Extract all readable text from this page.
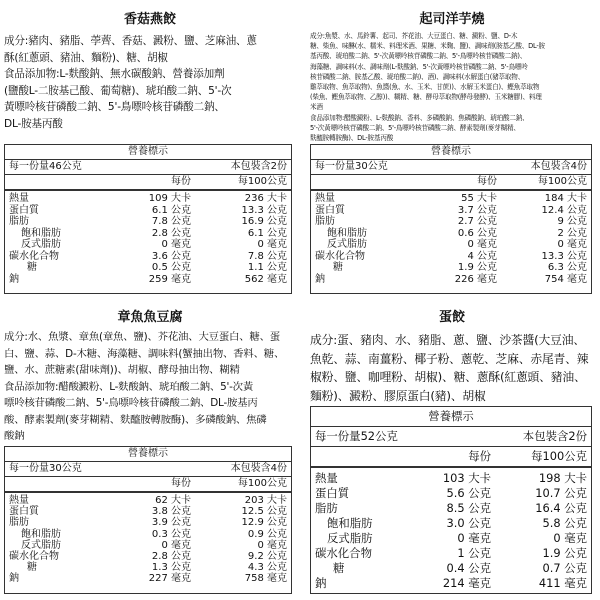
香菇燕餃

成分:豬肉、豬脂、荸薺、香菇、澱粉、鹽、芝麻油、蔥

酥(紅蔥頭、豬油、麵粉)、糖、胡椒

食品添加物:L-麩酸鈉、無水碳酸鈉、營養添加劑

(鹽酸L-二胺基己酸、葡萄糖)、琥珀酸二鈉、5'-次

黃嘌呤核苷磷酸二鈉、5'-鳥嘌呤核苷磷酸二鈉、

DL-胺基丙酸

營養標示
每一份量46公克	本包裝含2份
每份	每100公克
熱量	109 大卡	236 大卡
蛋白質	6.1 公克	13.3 公克
脂肪	7.8 公克	16.9 公克
飽和脂肪	2.8 公克	6.1 公克
反式脂肪	0 毫克	0 毫克
碳水化合物	3.6 公克	7.8 公克
糖	0.5 公克	1.1 公克
鈉	259 毫克	562 毫克
起司洋芋燒

成分:魚漿、水、馬鈴薯、起司、芥花油、大豆蛋白、糖、澱粉、鹽、D-木

糖、柴魚、味醂(水、糯米、料理米酒、果糖、米麴、鹽)、調味劑(胺基乙酸、DL-胺

基丙酸、琥珀酸二鈉、5'-次黃嘌呤核苷磷酸二鈉、5'-鳥嘌呤核苷磷酸二鈉)、

海藻糖、調味料(水、調味劑(L-麩酸鈉、5'-次黃嘌呤核苷磷酸二鈉、5'-鳥嘌呤

核苷磷酸二鈉、胺基乙酸、琥珀酸二鈉)、酒)、調味料(水解蛋白(豬萃取物、

雞萃取物、魚萃取物)、魚醬(魚、水、玉米、甘蔗))、水解玉米蛋白)、鰹魚萃取物

(柴魚、鰹魚萃取物、乙醇))、糊精、糖、酵母萃取物(酵母發酵)、玉米糖膠)、料理

米酒

食品添加物:醋酸澱粉、L-麩酸鈉、香料、多磷酸鈉、焦磷酸鈉、琥珀酸二鈉、

5'-次黃嘌呤核苷磷酸二鈉、5'-鳥嘌呤核苷磷酸二鈉、酵素製劑(麥芽糊精、

麩醯胺轉胺酶)、DL-胺基丙酸

營養標示
每一份量30公克	本包裝含4份
每份	每100公克
熱量	55 大卡	184 大卡
蛋白質	3.7 公克	12.4 公克
脂肪	2.7 公克	9 公克
飽和脂肪	0.6 公克	2 公克
反式脂肪	0 毫克	0 毫克
碳水化合物	4 公克	13.3 公克
糖	1.9 公克	6.3 公克
鈉	226 毫克	754 毫克
章魚魚豆腐

成分:水、魚漿、章魚(章魚、鹽)、芥花油、大豆蛋白、糖、蛋

白、鹽、蒜、D-木糖、海藻糖、調味料(蟹抽出物、香料、糖、

鹽、水、蔗糖素(甜味劑))、胡椒、酵母抽出物、糊精

食品添加物:醋酸澱粉、L-麩酸鈉、琥珀酸二鈉、5'-次黃

嘌呤核苷磷酸二鈉、5'-鳥嘌呤核苷磷酸二鈉、DL-胺基丙

酸、酵素製劑(麥芽糊精、麩醯胺轉胺酶)、多磷酸鈉、焦磷

酸鈉

營養標示
每一份量30公克	本包裝含4份
每份	每100公克
熱量	62 大卡	203 大卡
蛋白質	3.8 公克	12.5 公克
脂肪	3.9 公克	12.9 公克
飽和脂肪	0.3 公克	0.9 公克
反式脂肪	0 毫克	0 毫克
碳水化合物	2.8 公克	9.2 公克
糖	1.3 公克	4.3 公克
鈉	227 毫克	758 毫克
蛋餃

成分:蛋、豬肉、水、豬脂、蔥、鹽、沙茶醬(大豆油、

魚乾、蒜、南薑粉、椰子粉、蔥乾、芝麻、赤尾青、辣

椒粉、鹽、咖哩粉、胡椒)、糖、蔥酥(紅蔥頭、豬油、

麵粉)、澱粉、膠原蛋白(豬)、胡椒

營養標示
每一份量52公克	本包裝含2份
每份	每100公克
熱量	103 大卡	198 大卡
蛋白質	5.6 公克	10.7 公克
脂肪	8.5 公克	16.4 公克
飽和脂肪	3.0 公克	5.8 公克
反式脂肪	0 毫克	0 毫克
碳水化合物	1 公克	1.9 公克
糖	0.4 公克	0.7 公克
鈉	214 毫克	411 毫克
